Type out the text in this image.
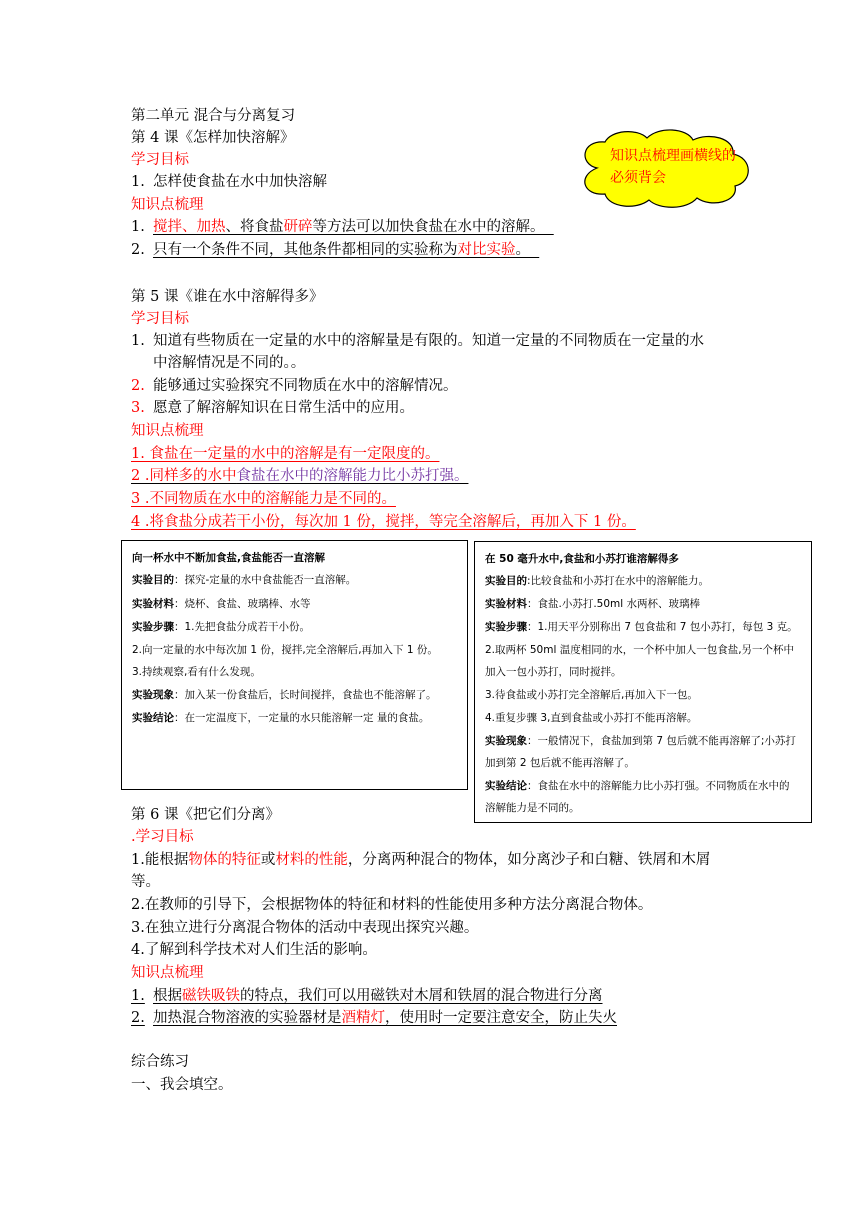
第二单元 混合与分离复习
第 4 课《怎样加快溶解》
学习目标
1. 怎样使食盐在水中加快溶解
知识点梳理
1. 搅拌、加热、将食盐研碎等方法可以加快食盐在水中的溶解。
2. 只有一个条件不同，其他条件都相同的实验称为对比实验。
知识点梳理画横线的必须背会
第 5 课《谁在水中溶解得多》
学习目标
1. 知道有些物质在一定量的水中的溶解量是有限的。知道一定量的不同物质在一定量的水
中溶解情况是不同的。。
2. 能够通过实验探究不同物质在水中的溶解情况。
3. 愿意了解溶解知识在日常生活中的应用。
知识点梳理
1. 食盐在一定量的水中的溶解是有一定限度的。
2 .同样多的水中食盐在水中的溶解能力比小苏打强。
3 .不同物质在水中的溶解能力是不同的。
4 .将食盐分成若干小份，每次加 1 份，搅拌，等完全溶解后，再加入下 1 份。
向一杯水中不断加食盐,食盐能否一直溶解
实验目的：探究-定量的水中食盐能否一直溶解。
实验材料：烧杯、食盐、玻璃棒、水等
实验步骤：1.先把食盐分成若干小份。
2.向一定量的水中每次加 1 份，搅拌,完全溶解后,再加入下 1 份。
3.持续观察,看有什么发现。
实验现象：加入某一份食盐后，长时间搅拌，食盐也不能溶解了。
实验结论：在一定温度下，一定量的水只能溶解一定 量的食盐。
在 50 毫升水中,食盐和小苏打谁溶解得多
实验目的:比较食盐和小苏打在水中的溶解能力。
实验材料：食盐.小苏打.50ml 水两杯、玻璃棒
实验步骤：1.用天平分别称出 7 包食盐和 7 包小苏打，每包 3 克。
2.取两杯 50ml 温度相同的水，一个杯中加人一包食盐,另一个杯中
加入一包小苏打，同时搅拌。
3.待食盐或小苏打完全溶解后,再加入下一包。
4.重复步骤 3,直到食盐或小苏打不能再溶解。
实验现象：一般情况下，食盐加到第 7 包后就不能再溶解了;小苏打
加到第 2 包后就不能再溶解了。
实验结论：食盐在水中的溶解能力比小苏打强。不同物质在水中的
溶解能力是不同的。
第 6 课《把它们分离》
.学习目标
1.能根据物体的特征或材料的性能，分离两种混合的物体，如分离沙子和白糖、铁屑和木屑
等。
2.在教师的引导下，会根据物体的特征和材料的性能使用多种方法分离混合物体。
3.在独立进行分离混合物体的活动中表现出探究兴趣。
4.了解到科学技术对人们生活的影响。
知识点梳理
1. 根据磁铁吸铁的特点，我们可以用磁铁对木屑和铁屑的混合物进行分离
2. 加热混合物溶液的实验器材是酒精灯，使用时一定要注意安全，防止失火
综合练习
一、我会填空。
